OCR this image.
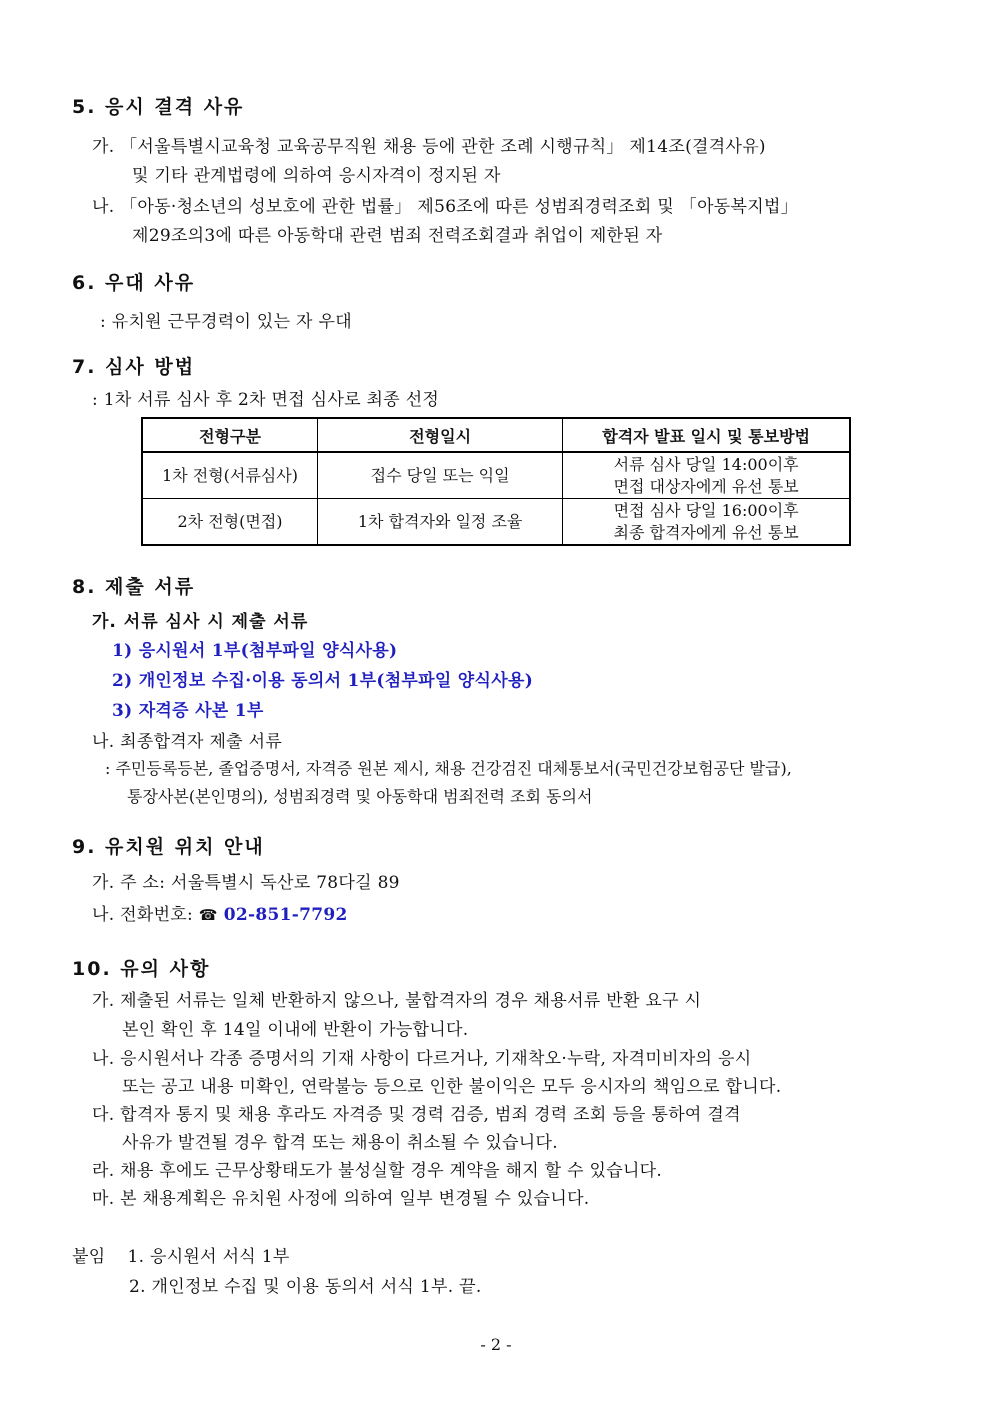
5. 응시 결격 사유
가. 「서울특별시교육청 교육공무직원 채용 등에 관한 조례 시행규칙」 제14조(결격사유)
및 기타 관계법령에 의하여 응시자격이 정지된 자
나. 「아동·청소년의 성보호에 관한 법률」 제56조에 따른 성범죄경력조회 및 「아동복지법」
제29조의3에 따른 아동학대 관련 범죄 전력조회결과 취업이 제한된 자
6. 우대 사유
: 유치원 근무경력이 있는 자 우대
7. 심사 방법
: 1차 서류 심사 후 2차 면접 심사로 최종 선정
전형구분	전형일시	합격자 발표 일시 및 통보방법
1차 전형(서류심사)	접수 당일 또는 익일	서류 심사 당일 14:00이후
면접 대상자에게 유선 통보

2차 전형(면접)	1차 합격자와 일정 조율	면접 심사 당일 16:00이후
최종 합격자에게 유선 통보
8. 제출 서류
가. 서류 심사 시 제출 서류
1) 응시원서 1부(첨부파일 양식사용)
2) 개인정보 수집·이용 동의서 1부(첨부파일 양식사용)
3) 자격증 사본 1부
나. 최종합격자 제출 서류
: 주민등록등본, 졸업증명서, 자격증 원본 제시, 채용 건강검진 대체통보서(국민건강보험공단 발급),
통장사본(본인명의), 성범죄경력 및 아동학대 범죄전력 조회 동의서
9. 유치원 위치 안내
가. 주 소: 서울특별시 독산로 78다길 89
나. 전화번호: ☎ 02-851-7792
10. 유의 사항
가. 제출된 서류는 일체 반환하지 않으나, 불합격자의 경우 채용서류 반환 요구 시
본인 확인 후 14일 이내에 반환이 가능합니다.
나. 응시원서나 각종 증명서의 기재 사항이 다르거나, 기재착오·누락, 자격미비자의 응시
또는 공고 내용 미확인, 연락불능 등으로 인한 불이익은 모두 응시자의 책임으로 합니다.
다. 합격자 통지 및 채용 후라도 자격증 및 경력 검증, 범죄 경력 조회 등을 통하여 결격
사유가 발견될 경우 합격 또는 채용이 취소될 수 있습니다.
라. 채용 후에도 근무상황태도가 불성실할 경우 계약을 해지 할 수 있습니다.
마. 본 채용계획은 유치원 사정에 의하여 일부 변경될 수 있습니다.
붙임 1. 응시원서 서식 1부
2. 개인정보 수집 및 이용 동의서 서식 1부. 끝.
- 2 -
